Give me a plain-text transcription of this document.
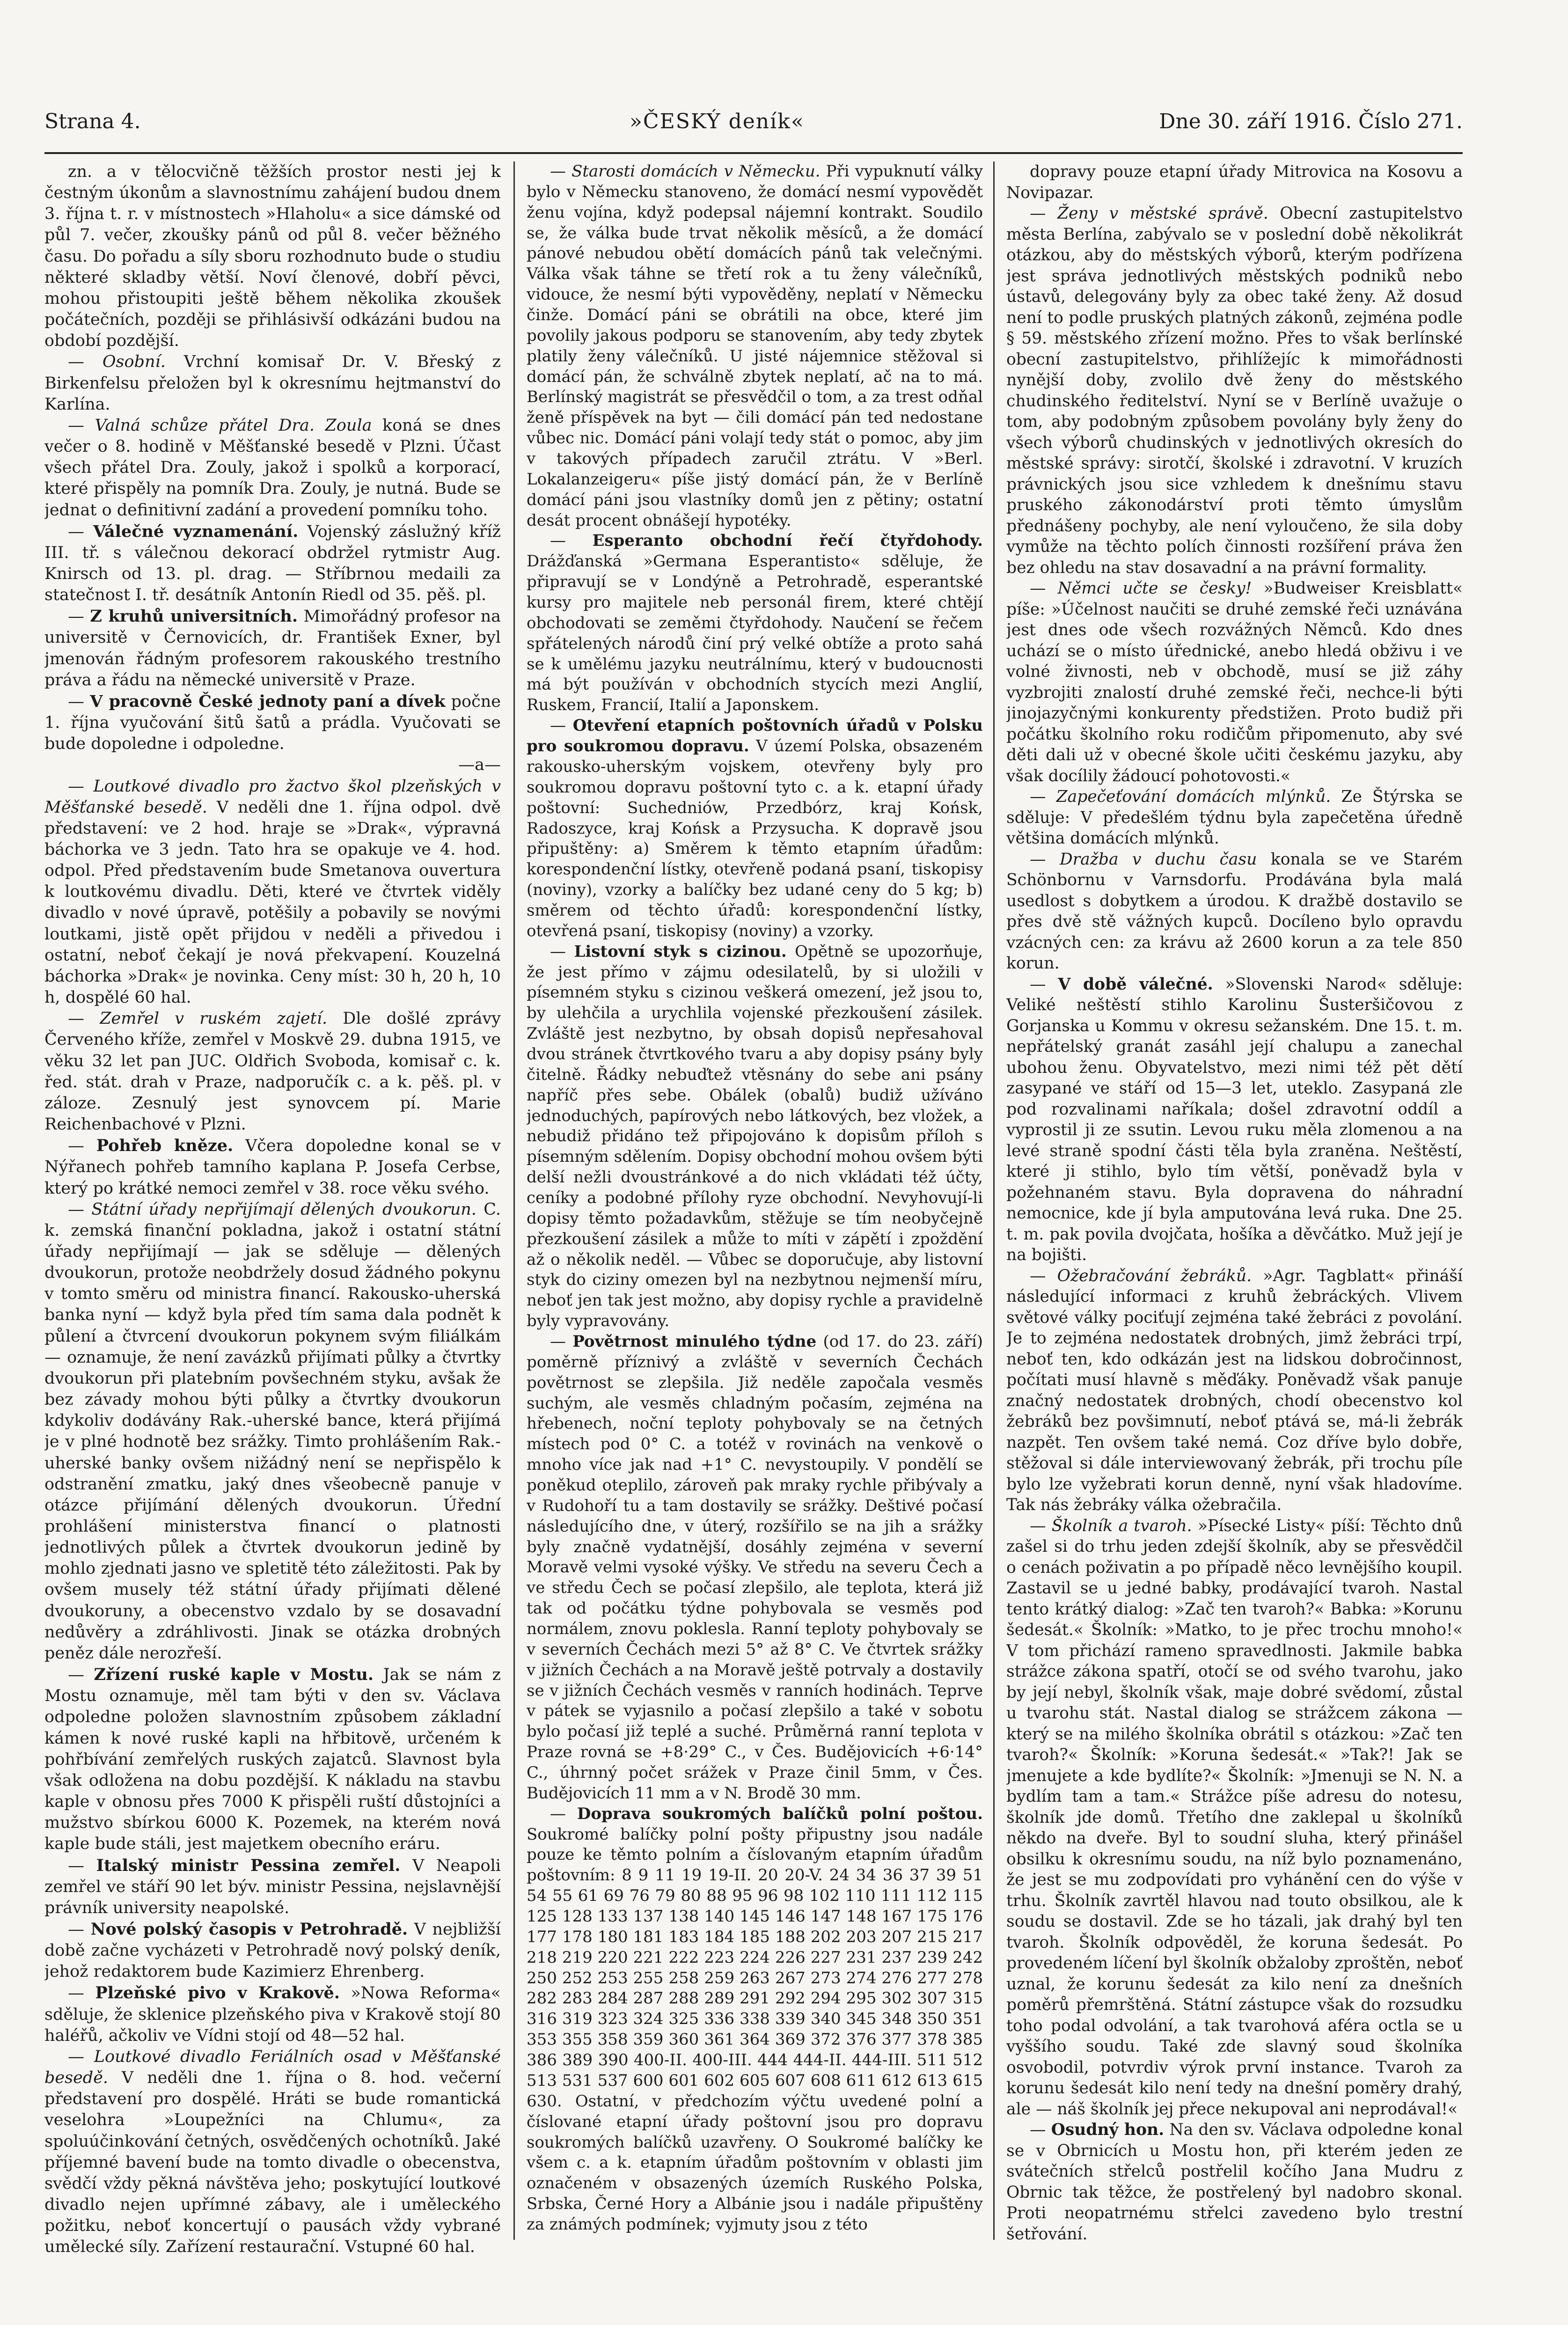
Strana 4.	»ČESKÝ deník«	Dne 30. září 1916. Číslo 271.

zn. a v tělocvičně těžších prostor nesti jej k čestným úkonům a slavnostnímu zahájení budou dnem 3. října t. r. v místnostech »Hlaholu« a sice dámské od půl 7. večer, zkoušky pánů od půl 8. večer běžného času. Do pořadu a síly sboru rozhodnuto bude o studiu některé skladby větší. Noví členové, dobří pěvci, mohou přistoupiti ještě během několika zkoušek počátečních, později se přihlásivší odkázáni budou na období pozdější.

— Osobní. Vrchní komisař Dr. V. Břeský z Birkenfelsu přeložen byl k okresnímu hejtmanství do Karlína.

— Valná schůze přátel Dra. Zoula koná se dnes večer o 8. hodině v Měšťanské besedě v Plzni. Účast všech přátel Dra. Zouly, jakož i spolků a korporací, které přispěly na pomník Dra. Zouly, je nutná. Bude se jednat o definitivní zadání a provedení pomníku toho.

— Válečné vyznamenání. Vojenský záslužný kříž III. tř. s válečnou dekorací obdržel rytmistr Aug. Knirsch od 13. pl. drag. — Stříbrnou medaili za statečnost I. tř. desátník Antonín Riedl od 35. pěš. pl.

— Z kruhů universitních. Mimořádný profesor na universitě v Černovicích, dr. František Exner, byl jmenován řádným profesorem rakouského trestního práva a řádu na německé universitě v Praze.

— V pracovně České jednoty paní a dívek počne 1. října vyučování šitů šatů a prádla. Vyučovati se bude dopoledne i odpoledne.

—a—

— Loutkové divadlo pro žactvo škol plzeňských v Měšťanské besedě. V neděli dne 1. října odpol. dvě představení: ve 2 hod. hraje se »Drak«, výpravná báchorka ve 3 jedn. Tato hra se opakuje ve 4. hod. odpol. Před představením bude Smetanova ouvertura k loutkovému divadlu. Děti, které ve čtvrtek viděly divadlo v nové úpravě, potěšily a pobavily se novými loutkami, jistě opět přijdou v neděli a přivedou i ostatní, neboť čekají je nová překvapení. Kouzelná báchorka »Drak« je novinka. Ceny míst: 30 h, 20 h, 10 h, dospělé 60 hal.

— Zemřel v ruském zajetí. Dle došlé zprávy Červeného kříže, zemřel v Moskvě 29. dubna 1915, ve věku 32 let pan JUC. Oldřich Svoboda, komisař c. k. řed. stát. drah v Praze, nadporučík c. a k. pěš. pl. v záloze. Zesnulý jest synovcem pí. Marie Reichenbachové v Plzni.

— Pohřeb kněze. Včera dopoledne konal se v Nýřanech pohřeb tamního kaplana P. Josefa Cerbse, který po krátké nemoci zemřel v 38. roce věku svého.

— Státní úřady nepřijímají dělených dvoukorun. C. k. zemská finanční pokladna, jakož i ostatní státní úřady nepřijímají — jak se sděluje — dělených dvoukorun, protože neobdržely dosud žádného pokynu v tomto směru od ministra financí. Rakousko-uherská banka nyní — když byla před tím sama dala podnět k půlení a čtvrcení dvoukorun pokynem svým filiálkám — oznamuje, že není zavázků přijímati půlky a čtvrtky dvoukorun při platebním povšechném styku, avšak že bez závady mohou býti půlky a čtvrtky dvoukorun kdykoliv dodávány Rak.-uherské bance, která přijímá je v plné hodnotě bez srážky. Timto prohlášením Rak.-uherské banky ovšem nižádný není se nepřispělo k odstranění zmatku, jaký dnes všeobecně panuje v otázce přijímání dělených dvoukorun. Úřední prohlášení ministerstva financí o platnosti jednotlivých půlek a čtvrtek dvoukorun jedině by mohlo zjednati jasno ve spletitě této záležitosti. Pak by ovšem musely též státní úřady přijímati dělené dvoukoruny, a obecenstvo vzdalo by se dosavadní nedůvěry a zdráhlivosti. Jinak se otázka drobných peněz dále nerozřeší.

— Zřízení ruské kaple v Mostu. Jak se nám z Mostu oznamuje, měl tam býti v den sv. Václava odpoledne položen slavnostním způsobem základní kámen k nové ruské kapli na hřbitově, určeném k pohřbívání zemřelých ruských zajatců. Slavnost byla však odložena na dobu pozdější. K nákladu na stavbu kaple v obnosu přes 7000 K přispěli ruští důstojníci a mužstvo sbírkou 6000 K. Pozemek, na kterém nová kaple bude stáli, jest majetkem obecního eráru.

— Italský ministr Pessina zemřel. V Neapoli zemřel ve stáří 90 let býv. ministr Pessina, nejslavnější právník university neapolské.

— Nové polský časopis v Petrohradě. V nejbližší době začne vycházeti v Petrohradě nový polský deník, jehož redaktorem bude Kazimierz Ehrenberg.

— Plzeňské pivo v Krakově. »Nowa Reforma« sděluje, že sklenice plzeňského piva v Krakově stojí 80 haléřů, ačkoliv ve Vídni stojí od 48—52 hal.

— Loutkové divadlo Feriálních osad v Měšťanské besedě. V neděli dne 1. října o 8. hod. večerní představení pro dospělé. Hráti se bude romantická veselohra »Loupežníci na Chlumu«, za spoluúčinkování četných, osvědčených ochotníků. Jaké příjemné bavení bude na tomto divadle o obecenstva, svědčí vždy pěkná návštěva jeho; poskytující loutkové divadlo nejen upřímné zábavy, ale i uměleckého požitku, neboť koncertují o pausách vždy vybrané umělecké síly. Zařízení restaurační. Vstupné 60 hal.

— Starosti domácích v Německu. Při vypuknutí války bylo v Německu stanoveno, že domácí nesmí vypovědět ženu vojína, když podepsal nájemní kontrakt. Soudilo se, že válka bude trvat několik měsíců, a že domácí pánové nebudou obětí domácích pánů tak velečnými. Válka však táhne se třetí rok a tu ženy válečníků, vidouce, že nesmí býti vypověděny, neplatí v Německu činže. Domácí páni se obrátili na obce, které jim povolily jakous podporu se stanovením, aby tedy zbytek platily ženy válečníků. U jisté nájemnice stěžoval si domácí pán, že schválně zbytek neplatí, ač na to má. Berlínský magistrát se přesvědčil o tom, a za trest odňal ženě příspěvek na byt — čili domácí pán ted nedostane vůbec nic. Domácí páni volají tedy stát o pomoc, aby jim v takových případech zaručil ztrátu. V »Berl. Lokalanzeigeru« píše jistý domácí pán, že v Berlíně domácí páni jsou vlastníky domů jen z pětiny; ostatní desát procent obnášejí hypotéky.

— Esperanto obchodní řečí čtyřdohody. Drážďanská »Germana Esperantisto« sděluje, že připravují se v Londýně a Petrohradě, esperantské kursy pro majitele neb personál firem, které chtějí obchodovati se zeměmi čtyřdohody. Naučení se řečem spřátelených národů činí prý velké obtíže a proto sahá se k umělému jazyku neutrálnímu, který v budoucnosti má být používán v obchodních stycích mezi Anglií, Ruskem, Francií, Italií a Japonskem.

— Otevření etapních poštovních úřadů v Polsku pro soukromou dopravu. V území Polska, obsazeném rakousko-uherským vojskem, otevřeny byly pro soukromou dopravu poštovní tyto c. a k. etapní úřady poštovní: Suchedniów, Przedbórz, kraj Końsk, Radoszyce, kraj Końsk a Przysucha. K dopravě jsou připuštěny: a) Směrem k těmto etapním úřadům: korespondenční lístky, otevřeně podaná psaní, tiskopisy (noviny), vzorky a balíčky bez udané ceny do 5 kg; b) směrem od těchto úřadů: korespondenční lístky, otevřená psaní, tiskopisy (noviny) a vzorky.

— Listovní styk s cizinou. Opětně se upozorňuje, že jest přímo v zájmu odesilatelů, by si uložili v písemném styku s cizinou veškerá omezení, jež jsou to, by ulehčila a urychlila vojenské přezkoušení zásilek. Zvláště jest nezbytno, by obsah dopisů nepřesahoval dvou stránek čtvrtkového tvaru a aby dopisy psány byly čitelně. Řádky nebuďtež vtěsnány do sebe ani psány napříč přes sebe. Obálek (obalů) budiž užíváno jednoduchých, papírových nebo látkových, bez vložek, a nebudiž přidáno tež připojováno k dopisům příloh s písemným sdělením. Dopisy obchodní mohou ovšem býti delší nežli dvoustránkové a do nich vkládati též účty, ceníky a podobné přílohy ryze obchodní. Nevyhovují-li dopisy těmto požadavkům, stěžuje se tím neobyčejně přezkoušení zásilek a může to míti v zápětí i zpoždění až o několik neděl. — Vůbec se doporučuje, aby listovní styk do ciziny omezen byl na nezbytnou nejmenší míru, neboť jen tak jest možno, aby dopisy rychle a pravidelně byly vypravovány.

— Povětrnost minulého týdne (od 17. do 23. září) poměrně příznivý a zvláště v severních Čechách povětrnost se zlepšila. Již neděle započala vesměs suchým, ale vesměs chladným počasím, zejména na hřebenech, noční teploty pohybovaly se na četných místech pod 0° C. a totéž v rovinách na venkově o mnoho více jak nad +1° C. nevystoupily. V pondělí se poněkud oteplilo, zároveň pak mraky rychle přibývaly a v Rudohoří tu a tam dostavily se srážky. Deštivé počasí následujícího dne, v úterý, rozšířilo se na jih a srážky byly značně vydatnější, dosáhly zejména v severní Moravě velmi vysoké výšky. Ve středu na severu Čech a ve středu Čech se počasí zlepšilo, ale teplota, která již tak od počátku týdne pohybovala se vesměs pod normálem, znovu poklesla. Ranní teploty pohybovaly se v severních Čechách mezi 5° až 8° C. Ve čtvrtek srážky v jižních Čechách a na Moravě ještě potrvaly a dostavily se v jižních Čechách vesměs v ranních hodinách. Teprve v pátek se vyjasnilo a počasí zlepšilo a také v sobotu bylo počasí již teplé a suché. Průměrná ranní teplota v Praze rovná se +8·29° C., v Čes. Budějovicích +6·14° C., úhrnný počet srážek v Praze činil 5mm, v Čes. Budějovicích 11 mm a v N. Brodě 30 mm.

— Doprava soukromých balíčků polní poštou. Soukromé balíčky polní pošty připustny jsou nadále pouze ke těmto polním a číslovaným etapním úřadům poštovním: 8 9 11 19 19-II. 20 20-V. 24 34 36 37 39 51 54 55 61 69 76 79 80 88 95 96 98 102 110 111 112 115 125 128 133 137 138 140 145 146 147 148 167 175 176 177 178 180 181 183 184 185 188 202 203 207 215 217 218 219 220 221 222 223 224 226 227 231 237 239 242 250 252 253 255 258 259 263 267 273 274 276 277 278 282 283 284 287 288 289 291 292 294 295 302 307 315 316 319 323 324 325 336 338 339 340 345 348 350 351 353 355 358 359 360 361 364 369 372 376 377 378 385 386 389 390 400-II. 400-III. 444 444-II. 444-III. 511 512 513 531 537 600 601 602 605 607 608 611 612 613 615 630. Ostatní, v předchozím výčtu uvedené polní a číslované etapní úřady poštovní jsou pro dopravu soukromých balíčků uzavřeny. O Soukromé balíčky ke všem c. a k. etapním úřadům poštovním v oblasti jim označeném v obsazených územích Ruského Polska, Srbska, Černé Hory a Albánie jsou i nadále připuštěny za známých podmínek; vyjmuty jsou z této

dopravy pouze etapní úřady Mitrovica na Kosovu a Novipazar.

— Ženy v městské správě. Obecní zastupitelstvo města Berlína, zabývalo se v poslední době několikrát otázkou, aby do městských výborů, kterým podřízena jest správa jednotlivých městských podniků nebo ústavů, delegovány byly za obec také ženy. Až dosud není to podle pruských platných zákonů, zejména podle § 59. městského zřízení možno. Přes to však berlínské obecní zastupitelstvo, přihlížejíc k mimořádnosti nynější doby, zvolilo dvě ženy do městského chudinského ředitelství. Nyní se v Berlíně uvažuje o tom, aby podobným způsobem povolány byly ženy do všech výborů chudinských v jednotlivých okresích do městské správy: sirotčí, školské i zdravotní. V kruzích právnických jsou sice vzhledem k dnešnímu stavu pruského zákonodárství proti těmto úmyslům přednášeny pochyby, ale není vyloučeno, že sila doby vymůže na těchto polích činnosti rozšíření práva žen bez ohledu na stav dosavadní a na právní formality.

— Němci učte se česky! »Budweiser Kreisblatt« píše: »Účelnost naučiti se druhé zemské řeči uznávána jest dnes ode všech rozvážných Němců. Kdo dnes uchází se o místo úřednické, anebo hledá obživu i ve volné živnosti, neb v obchodě, musí se již záhy vyzbrojiti znalostí druhé zemské řeči, nechce-li býti jinojazyčnými konkurenty předstižen. Proto budiž při počátku školního roku rodičům připomenuto, aby své děti dali už v obecné škole učiti českému jazyku, aby však docílily žádoucí pohotovosti.«

— Zapečeťování domácích mlýnků. Ze Štýrska se sděluje: V předešlém týdnu byla zapečetěna úředně většina domácích mlýnků.

— Dražba v duchu času konala se ve Starém Schönbornu v Varnsdorfu. Prodávána byla malá usedlost s dobytkem a úrodou. K dražbě dostavilo se přes dvě stě vážných kupců. Docíleno bylo opravdu vzácných cen: za krávu až 2600 korun a za tele 850 korun.

— V době válečné. »Slovenski Narod« sděluje: Veliké neštěstí stihlo Karolinu Šusteršičovou z Gorjanska u Kommu v okresu sežanském. Dne 15. t. m. nepřátelský granát zasáhl její chalupu a zanechal ubohou ženu. Obyvatelstvo, mezi nimi též pět dětí zasypané ve stáří od 15—3 let, uteklo. Zasypaná zle pod rozvalinami naříkala; došel zdravotní oddíl a vyprostil ji ze ssutin. Levou ruku měla zlomenou a na levé straně spodní části těla byla zraněna. Neštěstí, které ji stihlo, bylo tím větší, poněvadž byla v požehnaném stavu. Byla dopravena do náhradní nemocnice, kde jí byla amputována levá ruka. Dne 25. t. m. pak povila dvojčata, hošíka a děvčátko. Muž její je na bojišti.

— Ožebračování žebráků. »Agr. Tagblatt« přináší následující informaci z kruhů žebráckých. Vlivem světové války pociťují zejména také žebráci z povolání. Je to zejména nedostatek drobných, jimž žebráci trpí, neboť ten, kdo odkázán jest na lidskou dobročinnost, počítati musí hlavně s měďáky. Poněvadž však panuje značný nedostatek drobných, chodí obecenstvo kol žebráků bez povšimnutí, neboť ptává se, má-li žebrák nazpět. Ten ovšem také nemá. Coz dříve bylo dobře, stěžoval si dále interviewovaný žebrák, při trochu píle bylo lze vyžebrati korun denně, nyní však hladovíme. Tak nás žebráky válka ožebračila.

— Školník a tvaroh. »Písecké Listy« píší: Těchto dnů zašel si do trhu jeden zdejší školník, aby se přesvědčil o cenách poživatin a po případě něco levnějšího koupil. Zastavil se u jedné babky, prodávající tvaroh. Nastal tento krátký dialog: »Zač ten tvaroh?« Babka: »Korunu šedesát.« Školník: »Matko, to je přec trochu mnoho!« V tom přichází rameno spravedlnosti. Jakmile babka strážce zákona spatří, otočí se od svého tvarohu, jako by její nebyl, školník však, maje dobré svědomí, zůstal u tvarohu stát. Nastal dialog se strážcem zákona — který se na milého školníka obrátil s otázkou: »Zač ten tvaroh?« Školník: »Koruna šedesát.« »Tak?! Jak se jmenujete a kde bydlíte?« Školník: »Jmenuji se N. N. a bydlím tam a tam.« Strážce píše adresu do notesu, školník jde domů. Třetího dne zaklepal u školníků někdo na dveře. Byl to soudní sluha, který přinášel obsilku k okresnímu soudu, na níž bylo poznamenáno, že jest se mu zodpovídati pro vyhánění cen do výše v trhu. Školník zavrtěl hlavou nad touto obsilkou, ale k soudu se dostavil. Zde se ho tázali, jak drahý byl ten tvaroh. Školník odpověděl, že koruna šedesát. Po provedeném líčení byl školník obžaloby zproštěn, neboť uznal, že korunu šedesát za kilo není za dnešních poměrů přemrštěná. Státní zástupce však do rozsudku toho podal odvolání, a tak tvarohová aféra octla se u vyššího soudu. Také zde slavný soud školníka osvobodil, potvrdiv výrok první instance. Tvaroh za korunu šedesát kilo není tedy na dnešní poměry drahý, ale — náš školník jej přece nekupoval ani neprodával!«

— Osudný hon. Na den sv. Václava odpoledne konal se v Obrnicích u Mostu hon, při kterém jeden ze svátečních střelců postřelil kočího Jana Mudru z Obrnic tak těžce, že postřelený byl nadobro skonal. Proti neopatrnému střelci zavedeno bylo trestní šetřování.
